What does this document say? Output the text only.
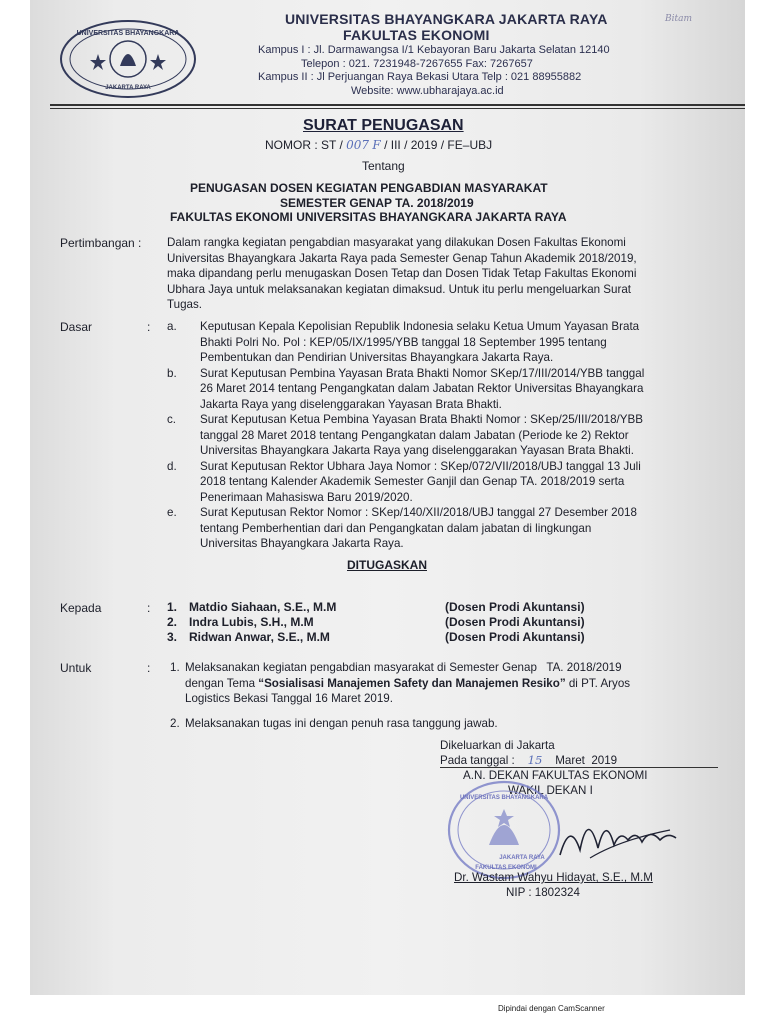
UNIVERSITAS BHAYANGKARA
JAKARTA RAYA
UNIVERSITAS BHAYANGKARA JAKARTA RAYA
FAKULTAS EKONOMI
Kampus I : Jl. Darmawangsa I/1 Kebayoran Baru Jakarta Selatan 12140
Telepon : 021. 7231948-7267655 Fax: 7267657
Kampus II : Jl Perjuangan Raya Bekasi Utara Telp : 021 88955882
Website: www.ubharajaya.ac.id
Bitam
SURAT PENUGASAN
NOMOR : ST / 007 F / III / 2019 / FE–UBJ
Tentang
PENUGASAN DOSEN KEGIATAN PENGABDIAN MASYARAKAT
SEMESTER GENAP TA. 2018/2019
FAKULTAS EKONOMI UNIVERSITAS BHAYANGKARA JAKARTA RAYA
Pertimbangan : Dalam rangka kegiatan pengabdian masyarakat yang dilakukan Dosen Fakultas Ekonomi
Universitas Bhayangkara Jakarta Raya pada Semester Genap Tahun Akademik 2018/2019,
maka dipandang perlu menugaskan Dosen Tetap dan Dosen Tidak Tetap Fakultas Ekonomi
Ubhara Jaya untuk melaksanakan kegiatan dimaksud. Untuk itu perlu mengeluarkan Surat
Tugas.
Dasar	: a.	Keputusan Kepala Kepolisian Republik Indonesia selaku Ketua Umum Yayasan Brata
Bhakti Polri No. Pol : KEP/05/IX/1995/YBB tanggal 18 September 1995 tentang
Pembentukan dan Pendirian Universitas Bhayangkara Jakarta Raya.
b.	Surat Keputusan Pembina Yayasan Brata Bhakti Nomor SKep/17/III/2014/YBB tanggal
26 Maret 2014 tentang Pengangkatan dalam Jabatan Rektor Universitas Bhayangkara
Jakarta Raya yang diselenggarakan Yayasan Brata Bhakti.
c.	Surat Keputusan Ketua Pembina Yayasan Brata Bhakti Nomor : SKep/25/III/2018/YBB
tanggal 28 Maret 2018 tentang Pengangkatan dalam Jabatan (Periode ke 2) Rektor
Universitas Bhayangkara Jakarta Raya yang diselenggarakan Yayasan Brata Bhakti.
d.	Surat Keputusan Rektor Ubhara Jaya Nomor : SKep/072/VII/2018/UBJ tanggal 13 Juli
2018 tentang Kalender Akademik Semester Ganjil dan Genap TA. 2018/2019 serta
Penerimaan Mahasiswa Baru 2019/2020.
e.	Surat Keputusan Rektor Nomor : SKep/140/XII/2018/UBJ tanggal 27 Desember 2018
tentang Pemberhentian dari dan Pengangkatan dalam jabatan di lingkungan
Universitas Bhayangkara Jakarta Raya.
DITUGASKAN
Kepada	: 1. Matdio Siahaan, S.E., M.M	(Dosen Prodi Akuntansi)
2. Indra Lubis, S.H., M.M	(Dosen Prodi Akuntansi)
3. Ridwan Anwar, S.E., M.M	(Dosen Prodi Akuntansi)
Untuk	: 1. Melaksanakan kegiatan pengabdian masyarakat di Semester Genap   TA. 2018/2019
dengan Tema “Sosialisasi Manajemen Safety dan Manajemen Resiko” di PT. Aryos
Logistics Bekasi Tanggal 16 Maret 2019.
2. Melaksanakan tugas ini dengan penuh rasa tanggung jawab.
Dikeluarkan di Jakarta
Pada tanggal : 15 Maret  2019
A.N. DEKAN FAKULTAS EKONOMI
WAKIL DEKAN I
UNIVERSITAS BHAYANGKARA
JAKARTA RAYA
FAKULTAS EKONOMI
Dr. Wastam Wahyu Hidayat, S.E., M.M
NIP : 1802324
Dipindai dengan CamScanner
